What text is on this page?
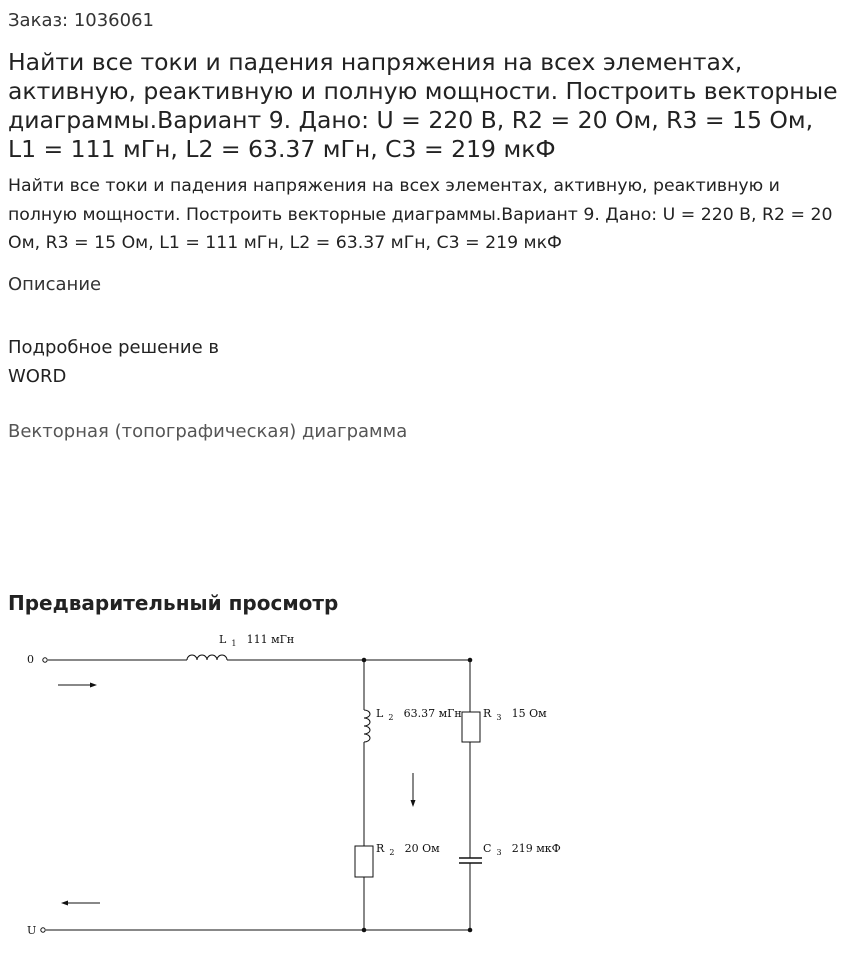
Заказ: 1036061
Найти все токи и падения напряжения на всех элементах, активную, реактивную и полную мощности. Построить векторные диаграммы.Вариант 9. Дано: U = 220 В, R2 = 20 Ом, R3 = 15 Ом, L1 = 111 мГн, L2 = 63.37 мГн, C3 = 219 мкФ

Найти все токи и падения напряжения на всех элементах, активную, реактивную и полную мощности. Построить векторные диаграммы.Вариант 9. Дано: U = 220 В, R2 = 20 Ом, R3 = 15 Ом, L1 = 111 мГн, L2 = 63.37 мГн, C3 = 219 мкФ

Описание

Подробное решение в WORD

Векторная (топографическая) диаграмма
Предварительный просмотр
0
U
L 1 111 мГн
L 2 63.37 мГн R 3 15 Ом
R 2 20 Ом	C 3 219 мкФ
